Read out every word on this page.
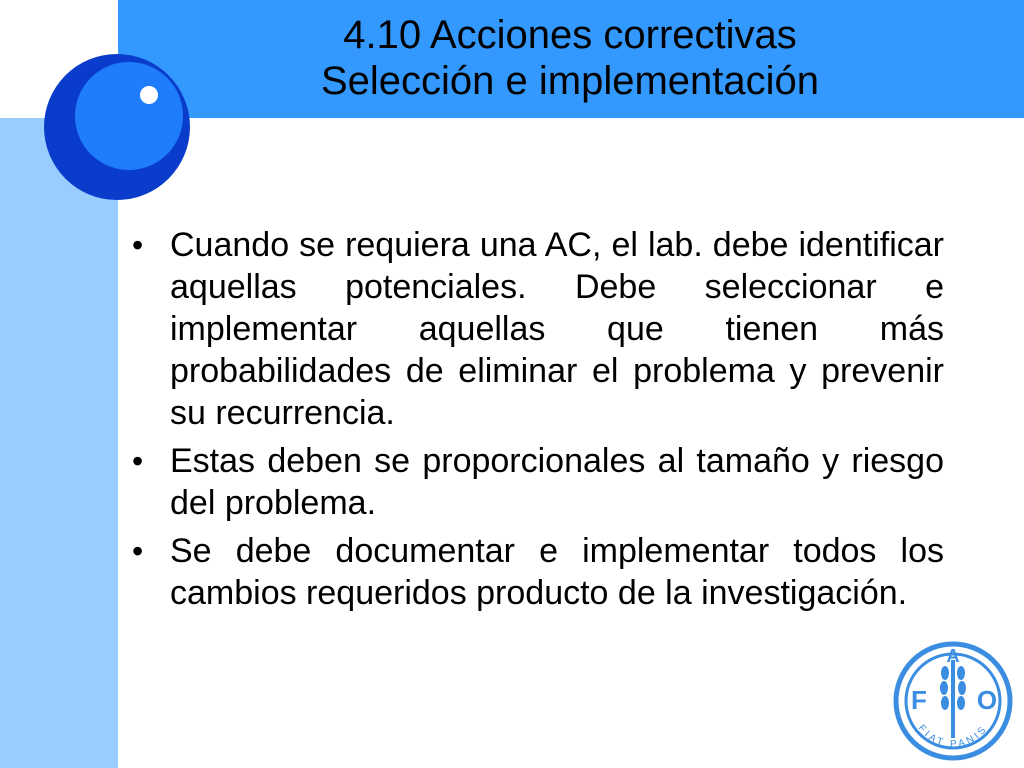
4.10 Acciones correctivas
Selección e implementación
• Cuando se requiera una AC, el lab. debe identificar aquellas potenciales. Debe seleccionar e implementar aquellas que tienen más probabilidades de eliminar el problema y prevenir su recurrencia.
• Estas deben se proporcionales al tamaño y riesgo del problema.
• Se debe documentar e implementar todos los cambios requeridos producto de la investigación.
F
A
O
FIAT PANIS
